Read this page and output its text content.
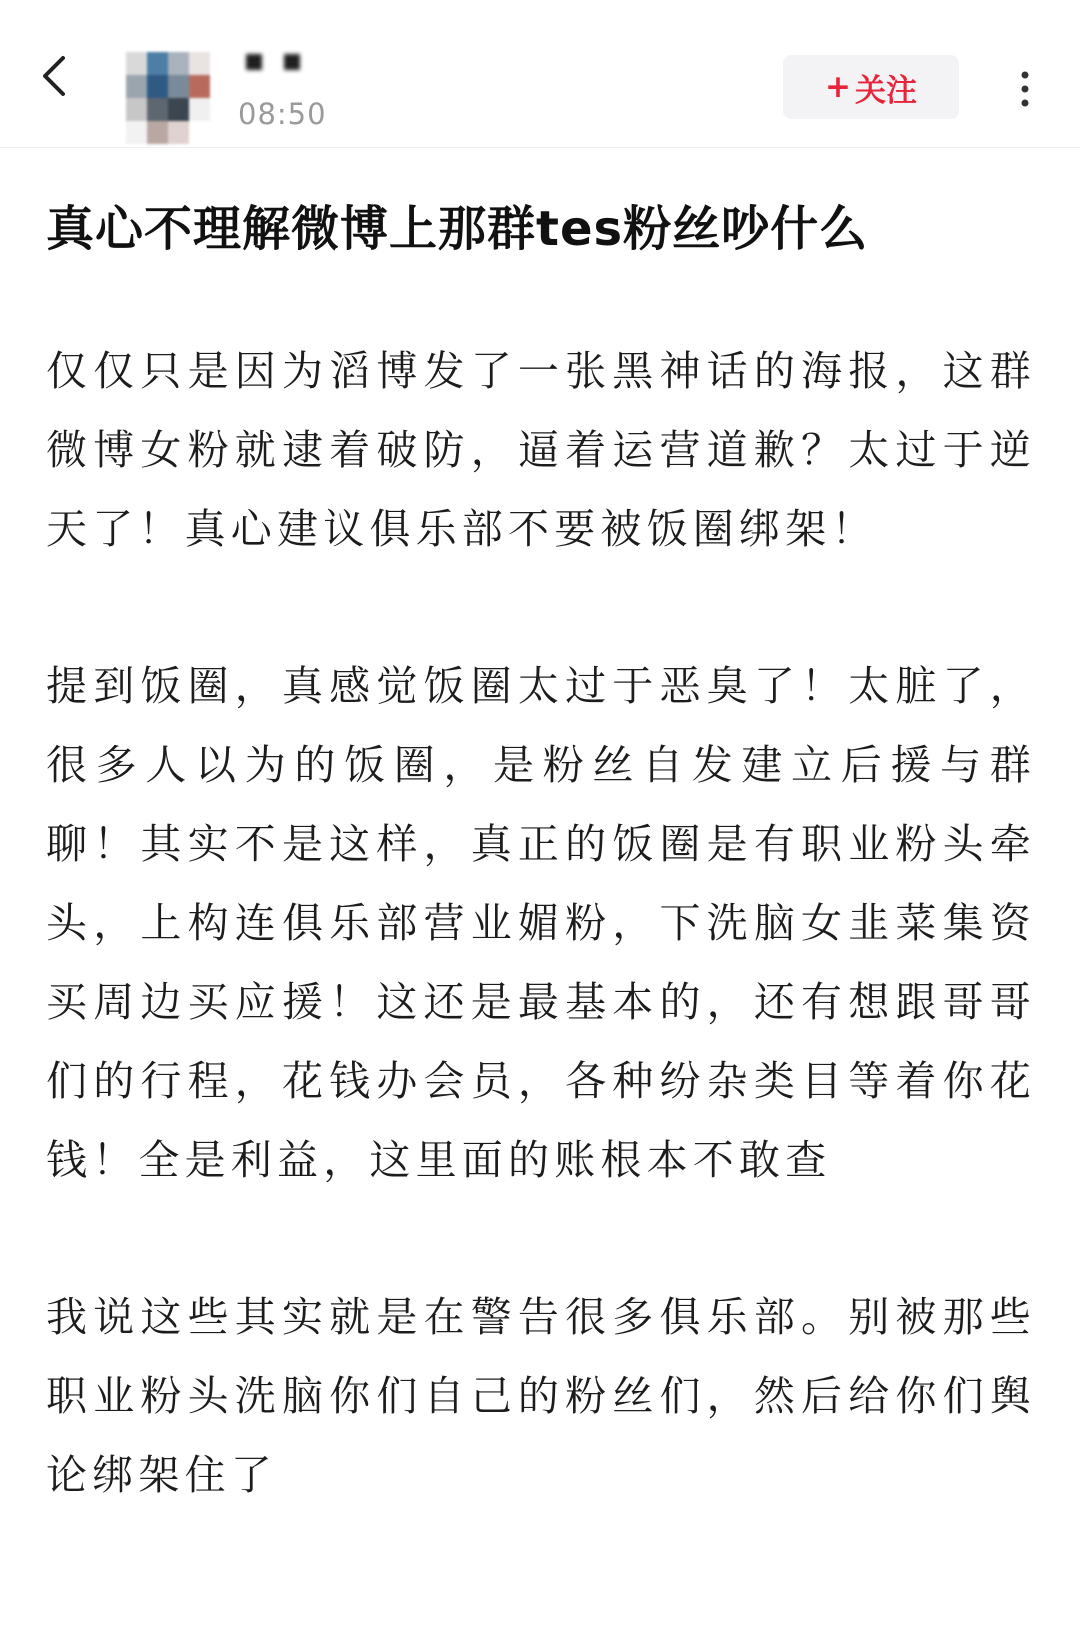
08:50
+ 关注
真心不理解微博上那群tes粉丝吵什么

仅仅只是因为滔博发了一张黑神话的海报，这群微博女粉就逮着破防，逼着运营道歉？太过于逆天了！真心建议俱乐部不要被饭圈绑架！

提到饭圈，真感觉饭圈太过于恶臭了！太脏了，很多人以为的饭圈，是粉丝自发建立后援与群聊！其实不是这样，真正的饭圈是有职业粉头牵头，上构连俱乐部营业媚粉，下洗脑女韭菜集资买周边买应援！这还是最基本的，还有想跟哥哥们的行程，花钱办会员，各种纷杂类目等着你花钱！全是利益，这里面的账根本不敢查

我说这些其实就是在警告很多俱乐部。别被那些职业粉头洗脑你们自己的粉丝们，然后给你们舆论绑架住了
